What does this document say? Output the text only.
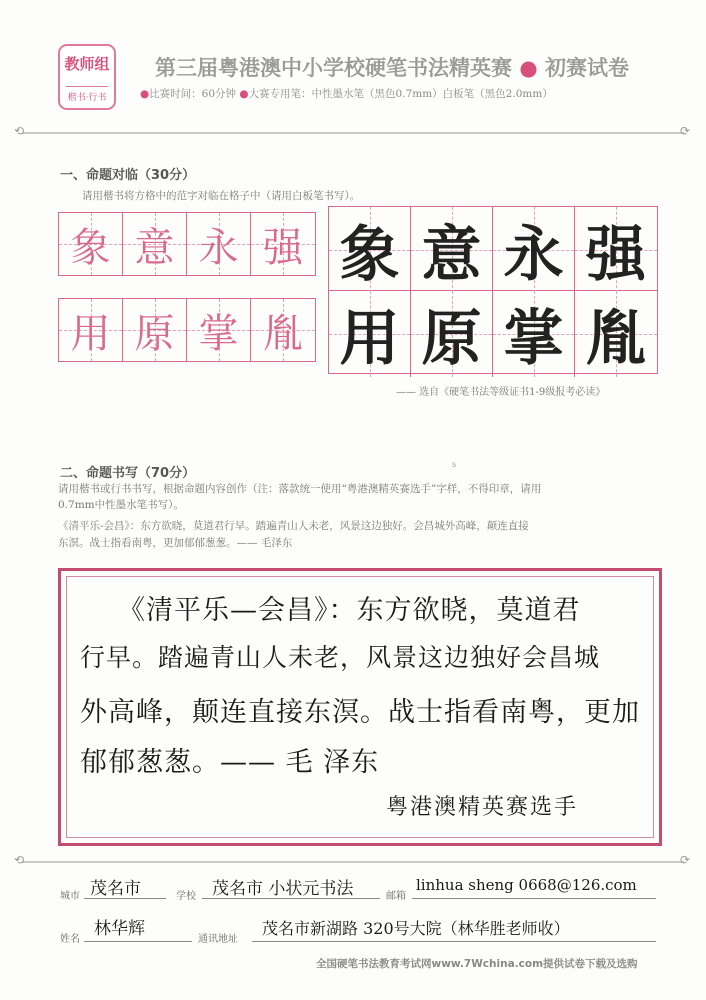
教师组
楷书·行书
第三届粤港澳中小学校硬笔书法精英赛 ● 初赛试卷
●比赛时间：60分钟 ●大赛专用笔：中性墨水笔（黑色0.7mm）白板笔（黑色2.0mm）
⟲	⟳
一、命题对临（30分）
请用楷书将方格中的范字对临在格子中（请用白板笔书写）。
象 意 永 强
用 原 掌 胤
象 意 永 强
用 原 掌 胤
—— 选自《硬笔书法等级证书1-9级报考必读》
s
二、命题书写（70分）
请用楷书或行书书写，根据命题内容创作（注：落款统一使用“粤港澳精英赛选手”字样，不得印章，请用
0.7mm中性墨水笔书写）。
《清平乐-会昌》：东方欲晓，莫道君行早。踏遍青山人未老，风景这边独好。会昌城外高峰，颠连直接
东溟。战士指看南粤，更加郁郁葱葱。—— 毛泽东
《清平乐—会昌》：东方欲晓，莫道君
行早。踏遍青山人未老，风景这边独好会昌城
外高峰，颠连直接东溟。战士指看南粤，更加
郁郁葱葱。—— 毛 泽东
粤港澳精英赛选手
⟲	⟳
城市 茂名市	学校 茂名市 小状元书法	邮箱
linhua sheng 0668@126.com
姓名
林华辉
通讯地址
茂名市新湖路 320号大院（林华胜老师收）
全国硬笔书法教育考试网www.7Wchina.com提供试卷下载及选购
